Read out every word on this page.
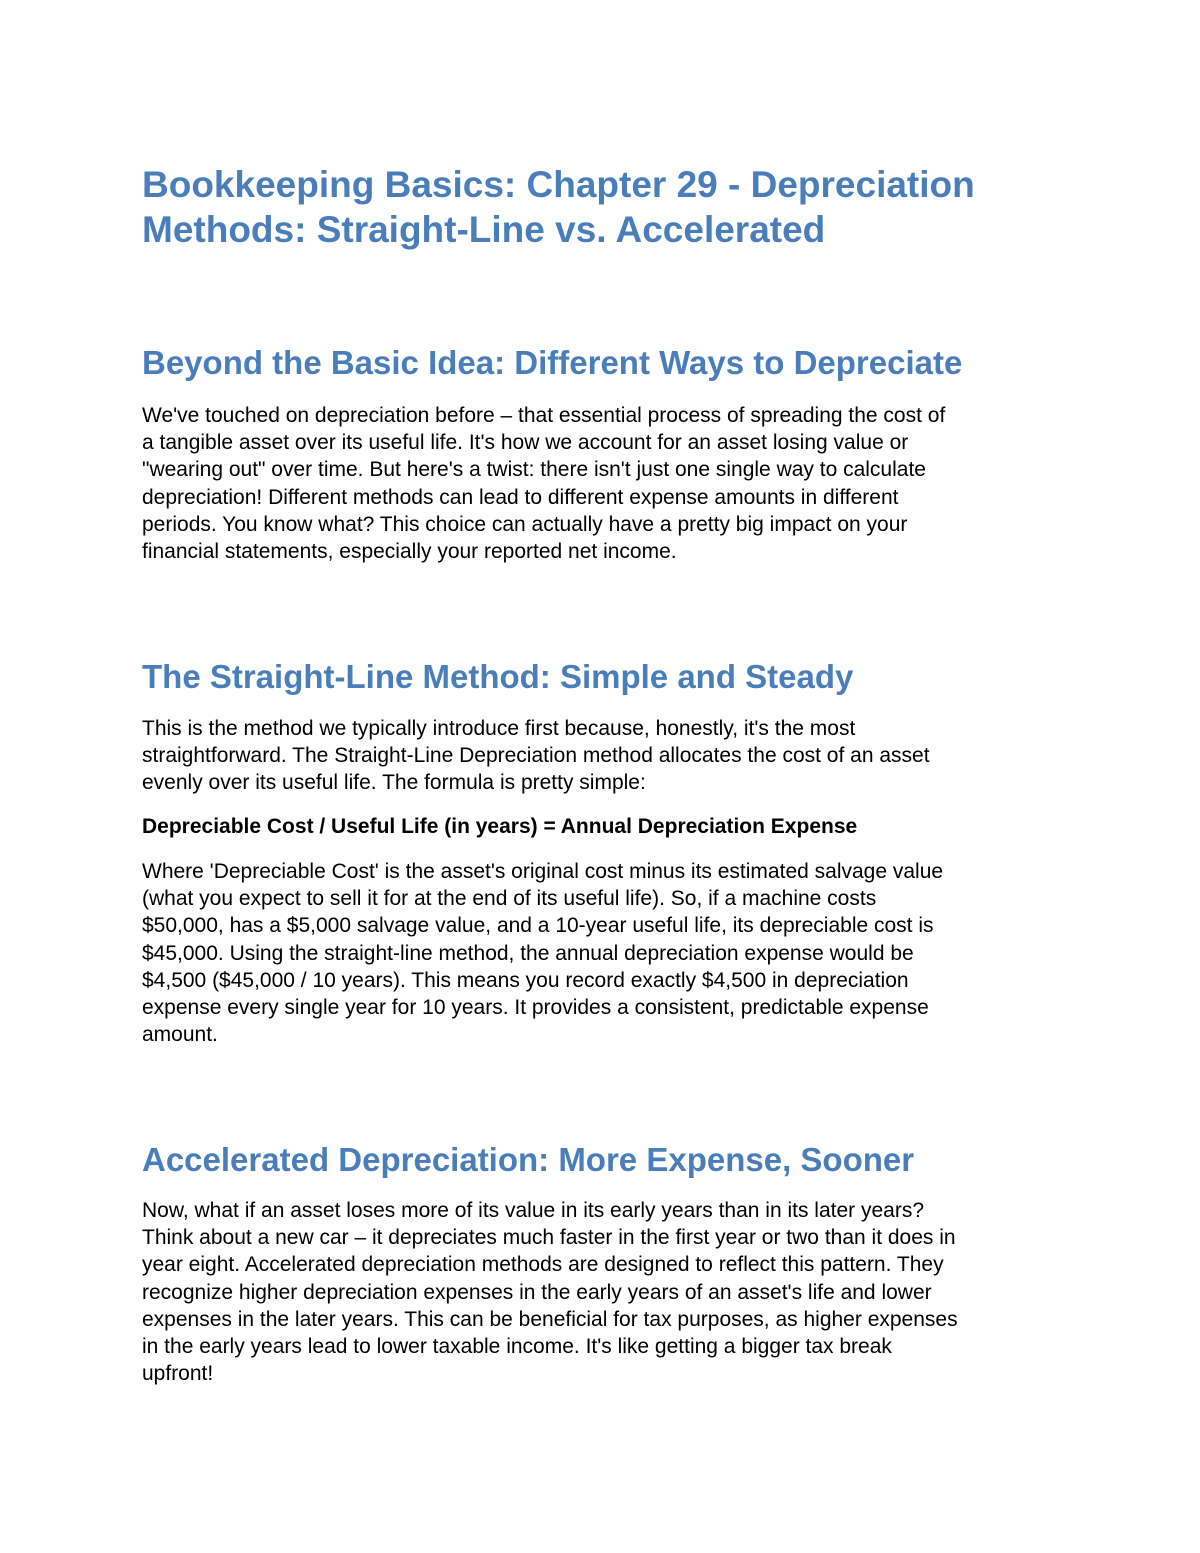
Bookkeeping Basics: Chapter 29 - Depreciation
Methods: Straight-Line vs. Accelerated
Beyond the Basic Idea: Different Ways to Depreciate

We've touched on depreciation before – that essential process of spreading the cost of
a tangible asset over its useful life. It's how we account for an asset losing value or
"wearing out" over time. But here's a twist: there isn't just one single way to calculate
depreciation! Different methods can lead to different expense amounts in different
periods. You know what? This choice can actually have a pretty big impact on your
financial statements, especially your reported net income.

The Straight-Line Method: Simple and Steady

This is the method we typically introduce first because, honestly, it's the most
straightforward. The Straight-Line Depreciation method allocates the cost of an asset
evenly over its useful life. The formula is pretty simple:

Depreciable Cost / Useful Life (in years) = Annual Depreciation Expense

Where 'Depreciable Cost' is the asset's original cost minus its estimated salvage value
(what you expect to sell it for at the end of its useful life). So, if a machine costs
$50,000, has a $5,000 salvage value, and a 10-year useful life, its depreciable cost is
$45,000. Using the straight-line method, the annual depreciation expense would be
$4,500 ($45,000 / 10 years). This means you record exactly $4,500 in depreciation
expense every single year for 10 years. It provides a consistent, predictable expense
amount.

Accelerated Depreciation: More Expense, Sooner

Now, what if an asset loses more of its value in its early years than in its later years?
Think about a new car – it depreciates much faster in the first year or two than it does in
year eight. Accelerated depreciation methods are designed to reflect this pattern. They
recognize higher depreciation expenses in the early years of an asset's life and lower
expenses in the later years. This can be beneficial for tax purposes, as higher expenses
in the early years lead to lower taxable income. It's like getting a bigger tax break
upfront!
